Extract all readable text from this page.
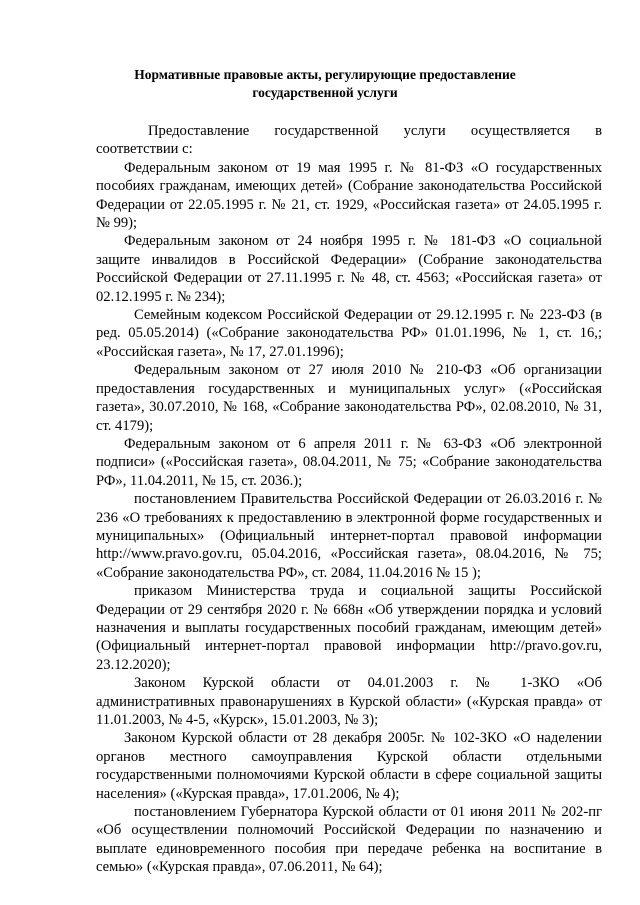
Нормативные правовые акты, регулирующие предоставление государственной услуги

Предоставление государственной услуги осуществляется в соответствии с:

Федеральным законом от 19 мая 1995 г. № 81-ФЗ «О государственных пособиях гражданам, имеющих детей» (Собрание законодательства Российской Федерации от 22.05.1995 г. № 21, ст. 1929, «Российская газета» от 24.05.1995 г. № 99);

Федеральным законом от 24 ноября 1995 г. № 181-ФЗ «О социальной защите инвалидов в Российской Федерации» (Собрание законодательства Российской Федерации от 27.11.1995 г. № 48, ст. 4563; «Российская газета» от 02.12.1995 г. № 234);

Семейным кодексом Российской Федерации от 29.12.1995 г. № 223-ФЗ (в ред. 05.05.2014) («Собрание законодательства РФ» 01.01.1996, № 1, ст. 16,; «Российская газета», № 17, 27.01.1996);

Федеральным законом от 27 июля 2010 № 210-ФЗ «Об организации предоставления государственных и муниципальных услуг» («Российская газета», 30.07.2010, № 168, «Собрание законодательства РФ», 02.08.2010, № 31, ст. 4179);

Федеральным законом от 6 апреля 2011 г. № 63-ФЗ «Об электронной подписи» («Российская газета», 08.04.2011, № 75; «Собрание законодательства РФ», 11.04.2011, № 15, ст. 2036.);

постановлением Правительства Российской Федерации от 26.03.2016 г. № 236 «О требованиях к предоставлению в электронной форме государственных и муниципальных» (Официальный интернет-портал правовой информации http://www.pravo.gov.ru, 05.04.2016, «Российская газета», 08.04.2016, № 75; «Собрание законодательства РФ», ст. 2084, 11.04.2016 № 15 );

приказом Министерства труда и социальной защиты Российской Федерации от 29 сентября 2020 г. № 668н «Об утверждении порядка и условий назначения и выплаты государственных пособий гражданам, имеющим детей» (Официальный интернет-портал правовой информации http://pravo.gov.ru, 23.12.2020);

Законом Курской области от 04.01.2003 г. № 1-ЗКО «Об административных правонарушениях в Курской области» («Курская правда» от 11.01.2003, № 4-5, «Курск», 15.01.2003, № 3);

Законом Курской области от 28 декабря 2005г. № 102-ЗКО «О наделении органов местного самоуправления Курской области отдельными государственными полномочиями Курской области в сфере социальной защиты населения» («Курская правда», 17.01.2006, № 4);

постановлением Губернатора Курской области от 01 июня 2011 № 202-пг «Об осуществлении полномочий Российской Федерации по назначению и выплате единовременного пособия при передаче ребенка на воспитание в семью» («Курская правда», 07.06.2011, № 64);
